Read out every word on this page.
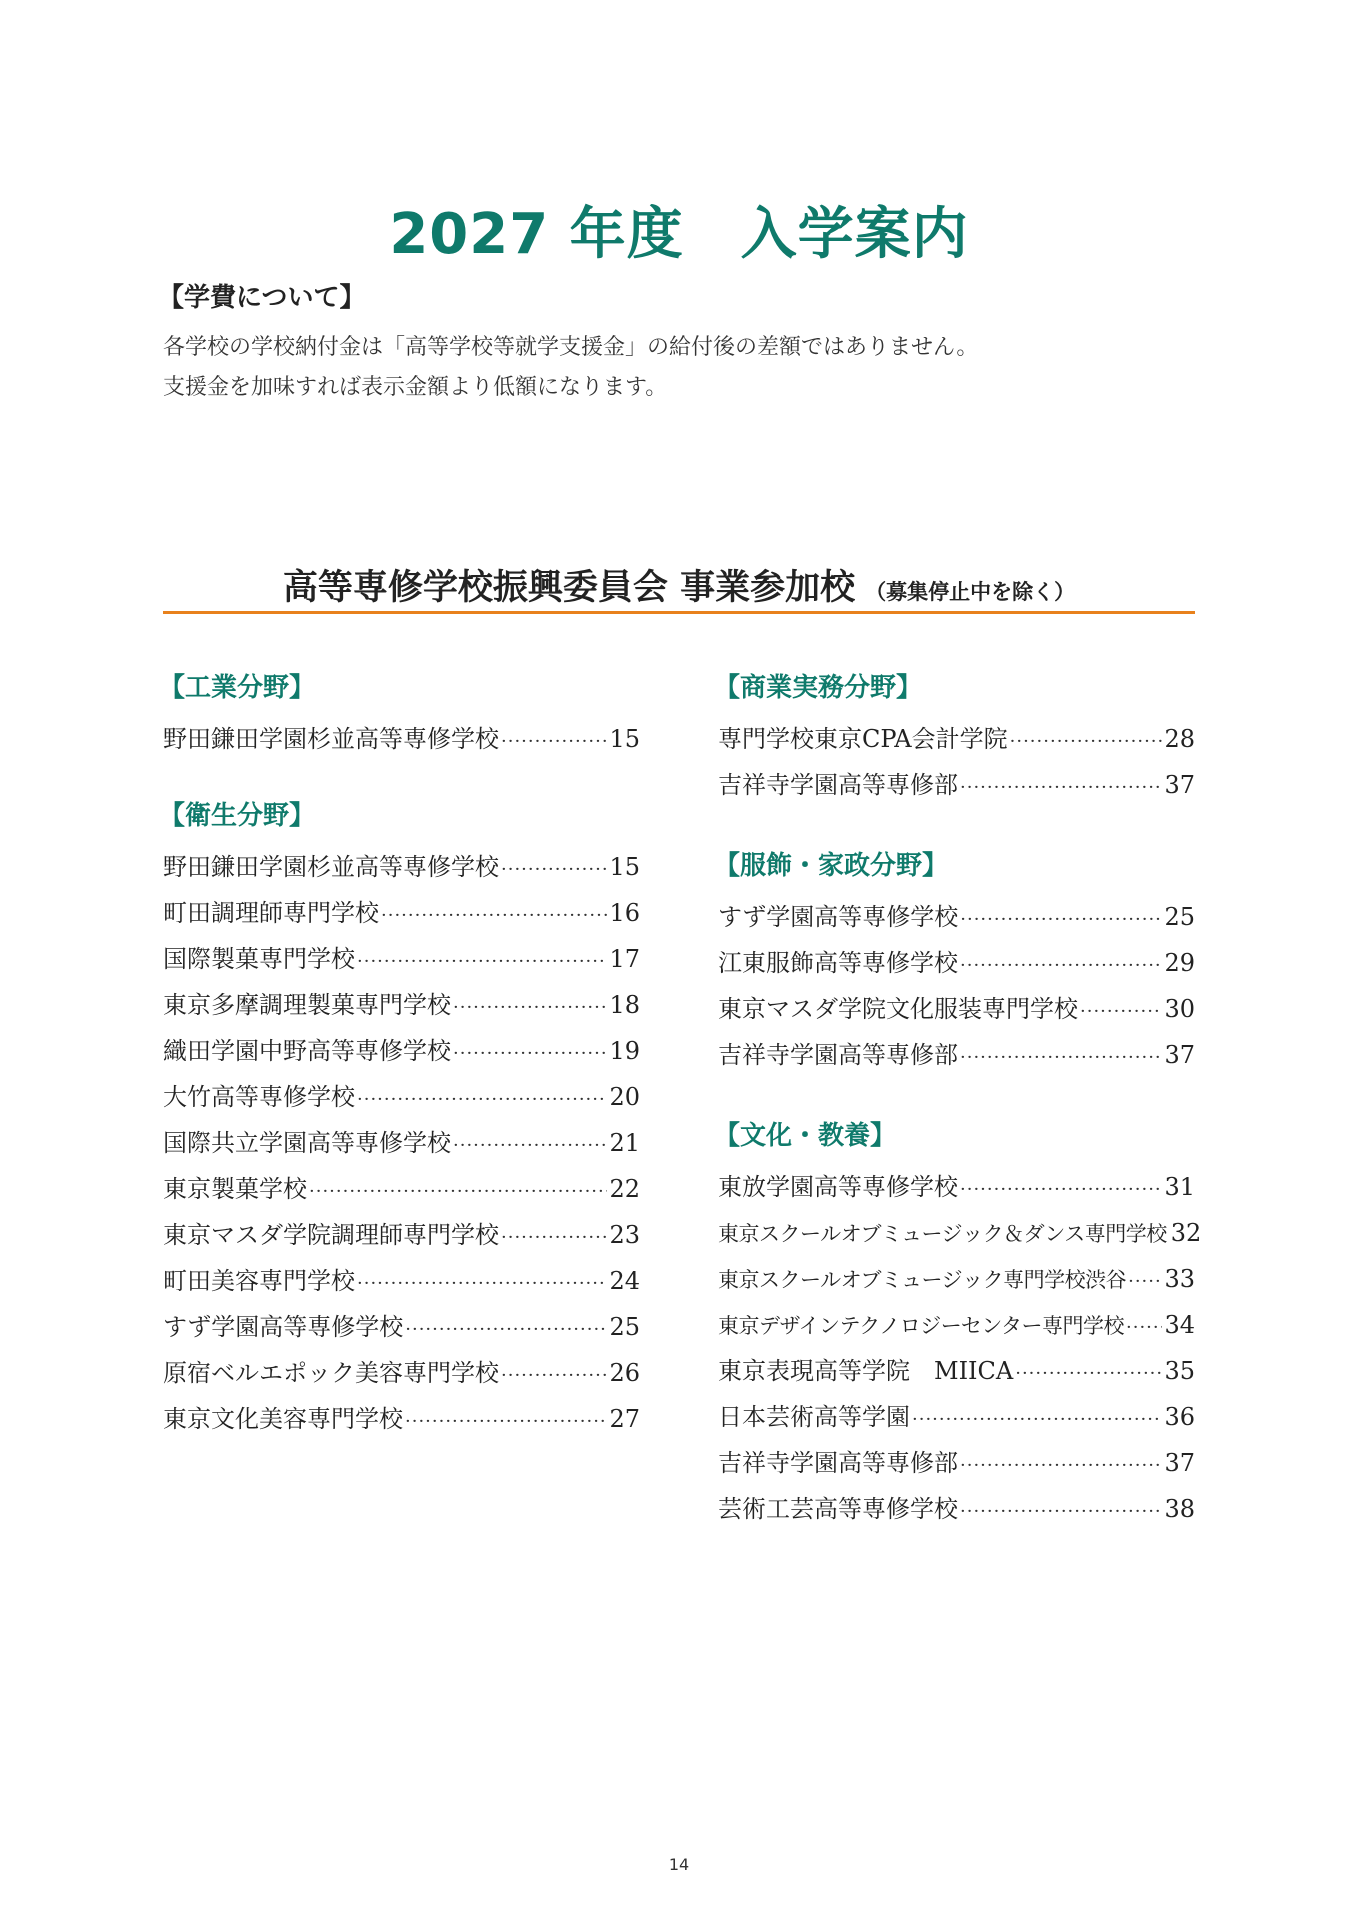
2027 年度　入学案内
【学費について】
各学校の学校納付金は「高等学校等就学支援金」の給付後の差額ではありません。
支援金を加味すれば表示金額より低額になります。
高等専修学校振興委員会 事業参加校 （募集停止中を除く）
【工業分野】
野田鎌田学園杉並高等専修学校 ·····	15
【衛生分野】
野田鎌田学園杉並高等専修学校 ·····	15
町田調理師専門学校 ·····	16
国際製菓専門学校 ·····	17
東京多摩調理製菓専門学校 ·····	18
織田学園中野高等専修学校 ·····	19
大竹高等専修学校 ·····	20
国際共立学園高等専修学校 ·····	21
東京製菓学校 ·····	22
東京マスダ学院調理師専門学校 ·····	23
町田美容専門学校 ·····	24
すず学園高等専修学校 ·····	25
原宿ベルエポック美容専門学校 ·····	26
東京文化美容専門学校 ·····	27
【商業実務分野】
専門学校東京CPA会計学院 ·····	28
吉祥寺学園高等専修部 ·····	37
【服飾・家政分野】
すず学園高等専修学校 ·····	25
江東服飾高等専修学校 ·····	29
東京マスダ学院文化服装専門学校 ·····	30
吉祥寺学園高等専修部 ·····	37
【文化・教養】
東放学園高等専修学校 ·····	31
東京スクールオブミュージック＆ダンス専門学校 32
東京スクールオブミュージック専門学校渋谷 ····· 33
東京デザインテクノロジーセンター専門学校 ····· 34
東京表現高等学院　MIICA ·····	35
日本芸術高等学園 ·····	36
吉祥寺学園高等専修部 ·····	37
芸術工芸高等専修学校 ·····	38
14
